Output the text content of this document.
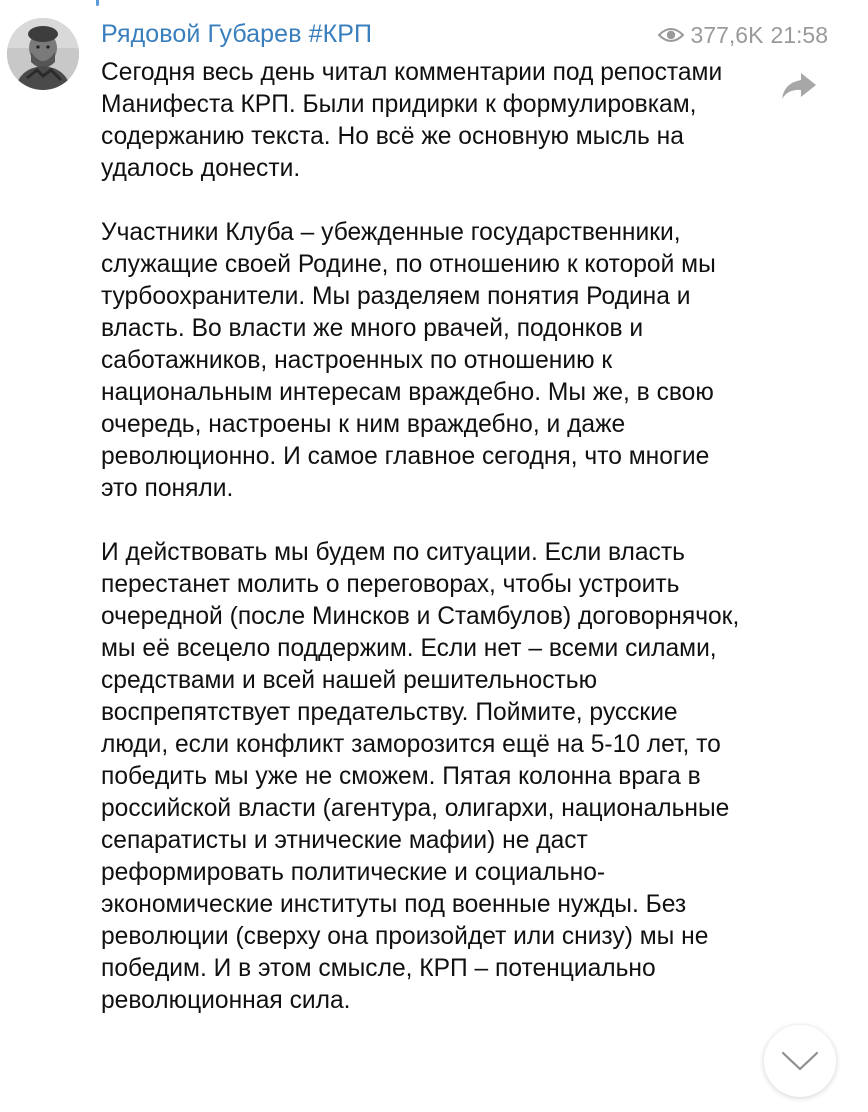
Рядовой Губарев #КРП

Сегодня весь день читал комментарии под репостами Манифеста КРП. Были придирки к формулировкам, содержанию текста. Но всё же основную мысль на удалось донести.

Участники Клуба – убежденные государственники, служащие своей Родине, по отношению к которой мы турбоохранители. Мы разделяем понятия Родина и власть. Во власти же много рвачей, подонков и саботажников, настроенных по отношению к национальным интересам враждебно. Мы же, в свою очередь, настроены к ним враждебно, и даже революционно. И самое главное сегодня, что многие это поняли.

И действовать мы будем по ситуации. Если власть перестанет молить о переговорах, чтобы устроить очередной (после Минсков и Стамбулов) договорнячок, мы её всецело поддержим. Если нет – всеми силами, средствами и всей нашей решительностью воспрепятствует предательству. Поймите, русские люди, если конфликт заморозится ещё на 5-10 лет, то победить мы уже не сможем. Пятая колонна врага в российской власти (агентура, олигархи, национальные сепаратисты и этнические мафии) не даст реформировать политические и социально-экономические институты под военные нужды. Без революции (сверху она произойдет или снизу) мы не победим. И в этом смысле, КРП – потенциально революционная сила.

377,6K 21:58
